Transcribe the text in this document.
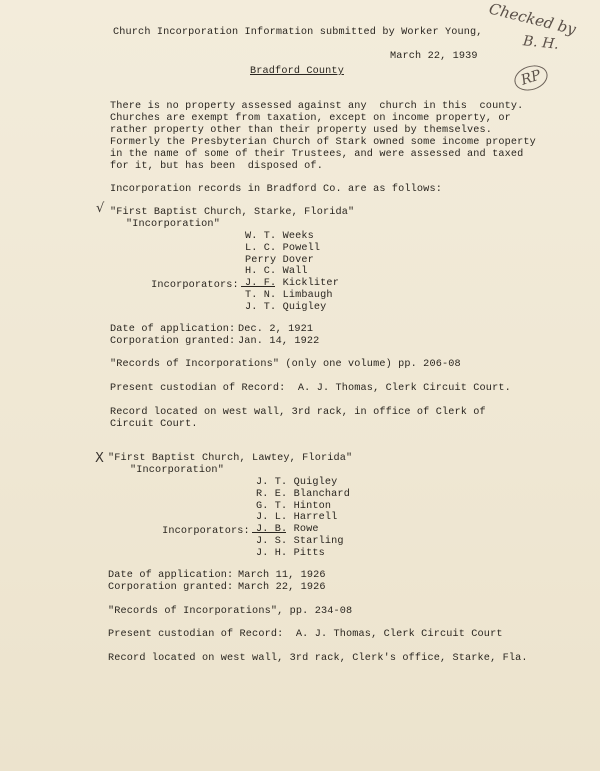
Checked by
B. H.
RP
Church Incorporation Information submitted by Worker Young,
March 22, 1939
Bradford County
There is no property assessed against any  church in this  county.
Churches are exempt from taxation, except on income property, or
rather property other than their property used by themselves.
Formerly the Presbyterian Church of Stark owned some income property
in the name of some of their Trustees, and were assessed and taxed
for it, but has been  disposed of.
Incorporation records in Bradford Co. are as follows:
√ "First Baptist Church, Starke, Florida"
"Incorporation"
W. T. Weeks
L. C. Powell
Perry Dover

Incorporators:

H. C. Wall
J. F. Kickliter
T. N. Limbaugh
J. T. Quigley
Date of application: Dec. 2, 1921
Corporation granted: Jan. 14, 1922
"Records of Incorporations" (only one volume) pp. 206-08
Present custodian of Record:  A. J. Thomas, Clerk Circuit Court.
Record located on west wall, 3rd rack, in office of Clerk of
Circuit Court.
X "First Baptist Church, Lawtey, Florida"
"Incorporation"
J. T. Quigley
R. E. Blanchard
G. T. Hinton

Incorporators:

J. L. Harrell
J. B. Rowe
J. S. Starling
J. H. Pitts
Date of application: March 11, 1926
Corporation granted: March 22, 1926
"Records of Incorporations", pp. 234-08
Present custodian of Record:  A. J. Thomas, Clerk Circuit Court
Record located on west wall, 3rd rack, Clerk's office, Starke, Fla.
